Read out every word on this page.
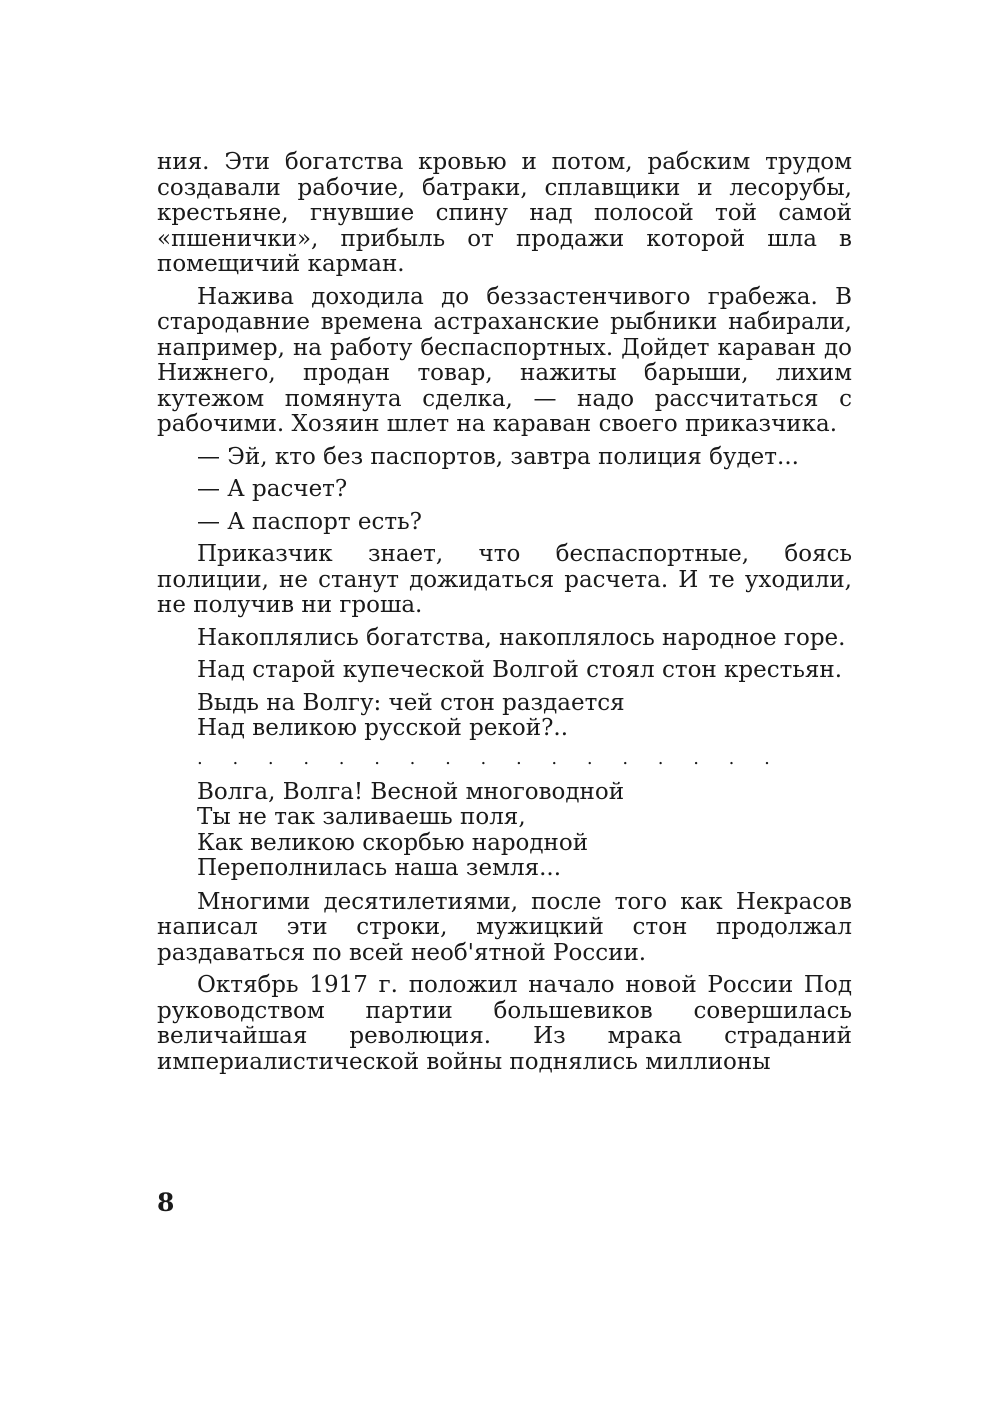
ния. Эти богатства кровью и потом, рабским трудом создавали рабочие, батраки, сплавщики и лесорубы, крестьяне, гнувшие спину над полосой той самой «пшенички», прибыль от продажи которой шла в помещичий карман.

Нажива доходила до беззастенчивого грабежа. В стародавние времена астраханские рыбники набирали, например, на работу беспаспортных. Дойдет караван до Нижнего, продан товар, нажиты барыши, лихим кутежом помянута сделка, — надо рассчитаться с рабочими. Хозяин шлет на караван своего приказчика.

— Эй, кто без паспортов, завтра полиция будет...

— А расчет?

— А паспорт есть?

Приказчик знает, что беспаспортные, боясь полиции, не станут дожидаться расчета. И те уходили, не получив ни гроша.

Накоплялись богатства, накоплялось народное горе.

Над старой купеческой Волгой стоял стон крестьян.

Выдь на Волгу: чей стон раздается
Над великою русской рекой?..
. . . . . . . . . . . . . . . . .
Волга, Волга! Весной многоводной
Ты не так заливаешь поля,
Как великою скорбью народной
Переполнилась наша земля...

Многими десятилетиями, после того как Некрасов написал эти строки, мужицкий стон продолжал раздаваться по всей необ'ятной России.

Октябрь 1917 г. положил начало новой России Под руководством партии большевиков совершилась величайшая революция. Из мрака страданий империалистической войны поднялись миллионы

8
